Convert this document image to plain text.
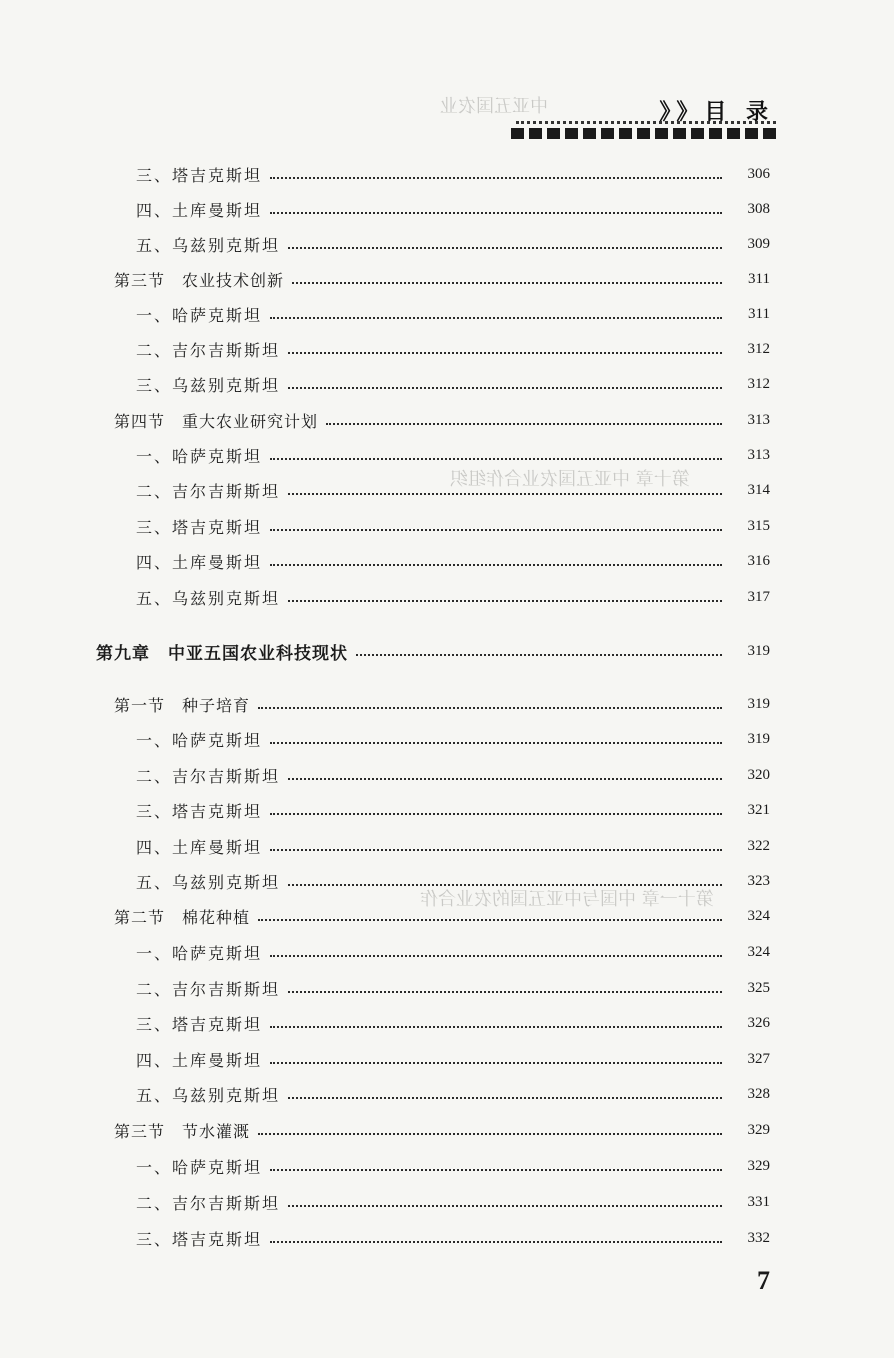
中亚五国农业
第十章 中亚五国农业合作组织
第十一章 中国与中亚五国的农业合作
》》目 录
三、塔吉克斯坦	306
四、土库曼斯坦	308
五、乌兹别克斯坦	309
第三节　农业技术创新	311
一、哈萨克斯坦	311
二、吉尔吉斯斯坦	312
三、乌兹别克斯坦	312
第四节　重大农业研究计划	313
一、哈萨克斯坦	313
二、吉尔吉斯斯坦	314
三、塔吉克斯坦	315
四、土库曼斯坦	316
五、乌兹别克斯坦	317
第九章　中亚五国农业科技现状	319
第一节　种子培育	319
一、哈萨克斯坦	319
二、吉尔吉斯斯坦	320
三、塔吉克斯坦	321
四、土库曼斯坦	322
五、乌兹别克斯坦	323
第二节　棉花种植	324
一、哈萨克斯坦	324
二、吉尔吉斯斯坦	325
三、塔吉克斯坦	326
四、土库曼斯坦	327
五、乌兹别克斯坦	328
第三节　节水灌溉	329
一、哈萨克斯坦	329
二、吉尔吉斯斯坦	331
三、塔吉克斯坦	332
7
